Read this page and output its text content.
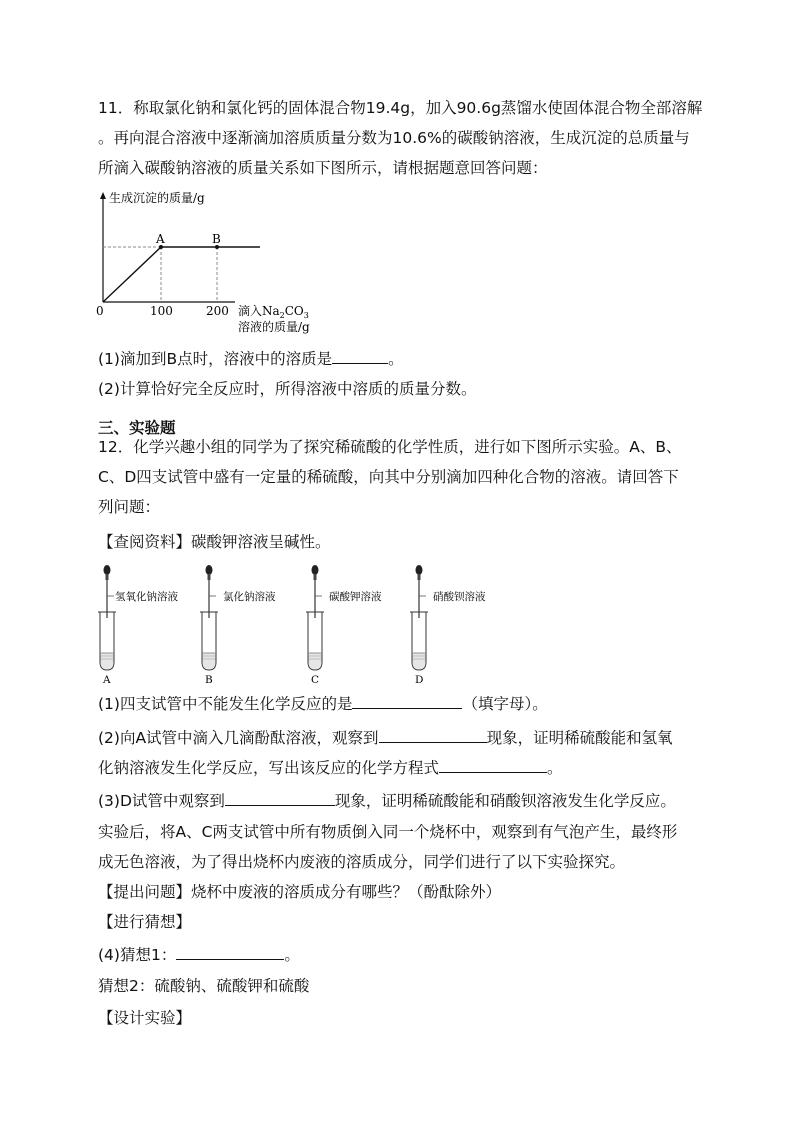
11．称取氯化钠和氯化钙的固体混合物19.4g，加入90.6g蒸馏水使固体混合物全部溶解
。再向混合溶液中逐渐滴加溶质质量分数为10.6%的碳酸钠溶液，生成沉淀的总质量与
所滴入碳酸钠溶液的质量关系如下图所示，请根据题意回答问题：
生成沉淀的质量/g
A	B
0	100	200 滴入$Na_2CO_3$
溶液的质量/g
(1)滴加到B点时，溶液中的溶质是	。
(2)计算恰好完全反应时，所得溶液中溶质的质量分数。
三、实验题
12．化学兴趣小组的同学为了探究稀硫酸的化学性质，进行如下图所示实验。A、B、
C、D四支试管中盛有一定量的稀硫酸，向其中分别滴加四种化合物的溶液。请回答下
列问题：
【查阅资料】碳酸钾溶液呈碱性。
氢氧化钠溶液
A
氯化钠溶液
B
碳酸钾溶液
C
硝酸钡溶液
D
(1)四支试管中不能发生化学反应的是	（填字母）。
(2)向A试管中滴入几滴酚酞溶液，观察到	现象，证明稀硫酸能和氢氧
化钠溶液发生化学反应，写出该反应的化学方程式	。
(3)D试管中观察到	现象，证明稀硫酸能和硝酸钡溶液发生化学反应。
实验后，将A、C两支试管中所有物质倒入同一个烧杯中，观察到有气泡产生，最终形
成无色溶液，为了得出烧杯内废液的溶质成分，同学们进行了以下实验探究。
【提出问题】烧杯中废液的溶质成分有哪些？（酚酞除外）
【进行猜想】
(4)猜想1：	。
猜想2：硫酸钠、硫酸钾和硫酸
【设计实验】
